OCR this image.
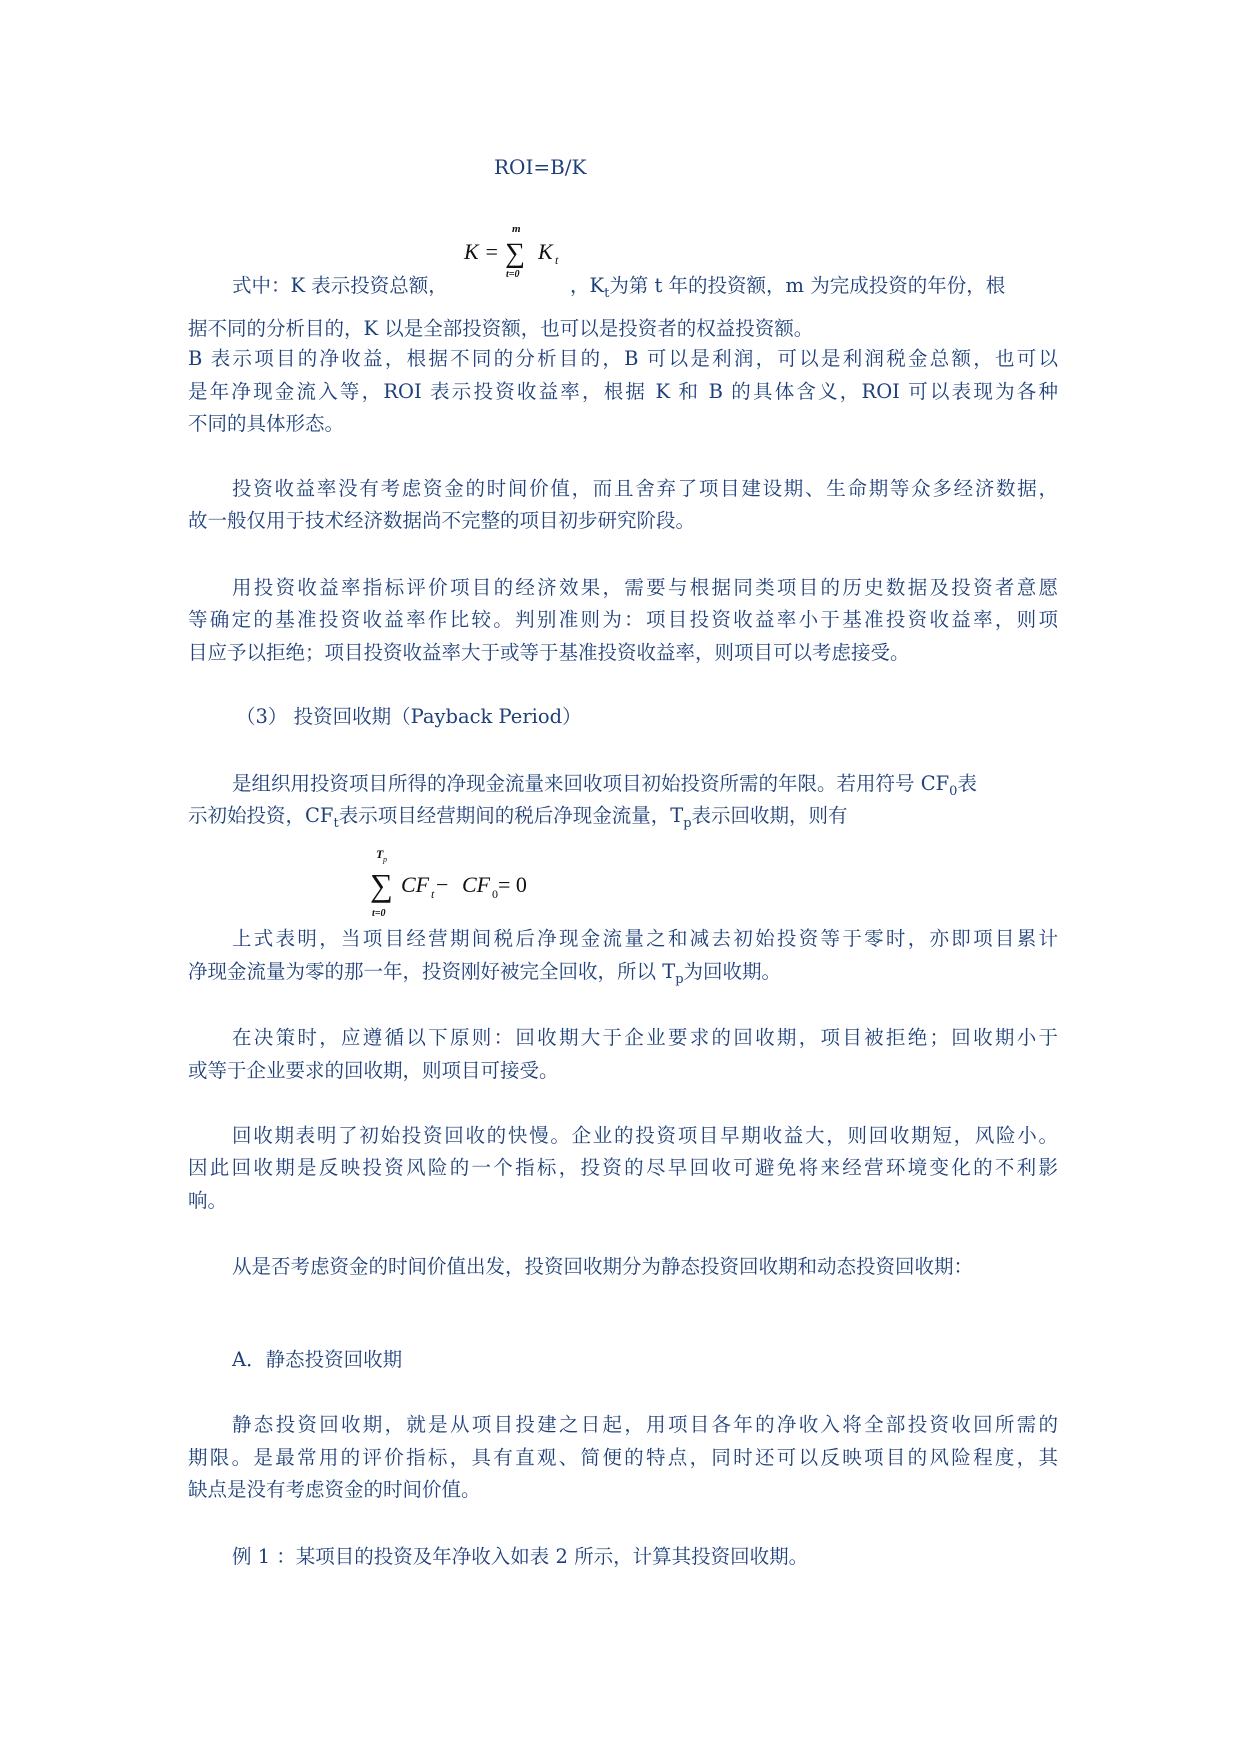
ROI=B/K
K =
m
∑
t=0
K t
式中：K 表示投资总额，	，$K_t$为第 t 年的投资额，m 为完成投资的年份，根
据不同的分析目的，K 以是全部投资额，也可以是投资者的权益投资额。
B 表示项目的净收益，根据不同的分析目的，B 可以是利润，可以是利润税金总额，也可以
是年净现金流入等，ROI 表示投资收益率，根据 K 和 B 的具体含义，ROI 可以表现为各种
不同的具体形态。
投资收益率没有考虑资金的时间价值，而且舍弃了项目建设期、生命期等众多经济数据，
故一般仅用于技术经济数据尚不完整的项目初步研究阶段。
用投资收益率指标评价项目的经济效果，需要与根据同类项目的历史数据及投资者意愿
等确定的基准投资收益率作比较。判别准则为：项目投资收益率小于基准投资收益率，则项
目应予以拒绝；项目投资收益率大于或等于基准投资收益率，则项目可以考虑接受。
（3） 投资回收期（Payback Period）
是组织用投资项目所得的净现金流量来回收项目初始投资所需的年限。若用符号 $CF_0$表
示初始投资，$CF_t$表示项目经营期间的税后净现金流量，$T_p$表示回收期，则有
T p
∑
t=0
CF t − CF 0 = 0
上式表明，当项目经营期间税后净现金流量之和减去初始投资等于零时，亦即项目累计
净现金流量为零的那一年，投资刚好被完全回收，所以 $T_p$为回收期。
在决策时，应遵循以下原则：回收期大于企业要求的回收期，项目被拒绝；回收期小于
或等于企业要求的回收期，则项目可接受。
回收期表明了初始投资回收的快慢。企业的投资项目早期收益大，则回收期短，风险小。
因此回收期是反映投资风险的一个指标，投资的尽早回收可避免将来经营环境变化的不利影
响。
从是否考虑资金的时间价值出发，投资回收期分为静态投资回收期和动态投资回收期：
A．静态投资回收期
静态投资回收期，就是从项目投建之日起，用项目各年的净收入将全部投资收回所需的
期限。是最常用的评价指标，具有直观、简便的特点，同时还可以反映项目的风险程度，其
缺点是没有考虑资金的时间价值。
例 1 ：某项目的投资及年净收入如表 2 所示，计算其投资回收期。
